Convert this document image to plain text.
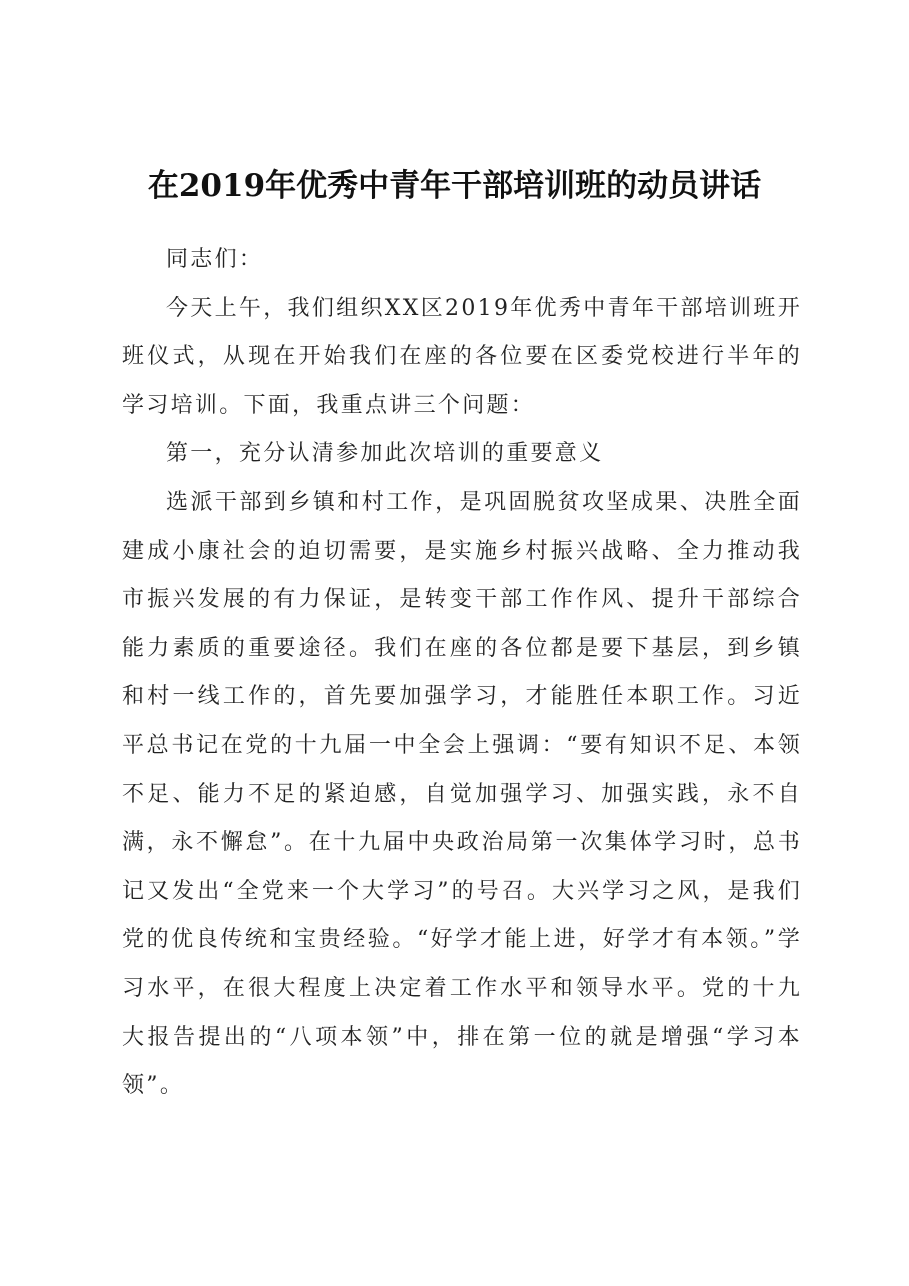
在2019年优秀中青年干部培训班的动员讲话

同志们：

今天上午，我们组织XX区2019年优秀中青年干部培训班开班仪式，从现在开始我们在座的各位要在区委党校进行半年的学习培训。下面，我重点讲三个问题：

第一，充分认清参加此次培训的重要意义

选派干部到乡镇和村工作，是巩固脱贫攻坚成果、决胜全面建成小康社会的迫切需要，是实施乡村振兴战略、全力推动我市振兴发展的有力保证，是转变干部工作作风、提升干部综合能力素质的重要途径。我们在座的各位都是要下基层，到乡镇和村一线工作的，首先要加强学习，才能胜任本职工作。习近平总书记在党的十九届一中全会上强调：“要有知识不足、本领不足、能力不足的紧迫感，自觉加强学习、加强实践，永不自满，永不懈怠”。在十九届中央政治局第一次集体学习时，总书记又发出“全党来一个大学习”的号召。大兴学习之风，是我们党的优良传统和宝贵经验。“好学才能上进，好学才有本领。”学习水平，在很大程度上决定着工作水平和领导水平。党的十九大报告提出的“八项本领”中，排在第一位的就是增强“学习本领”。
